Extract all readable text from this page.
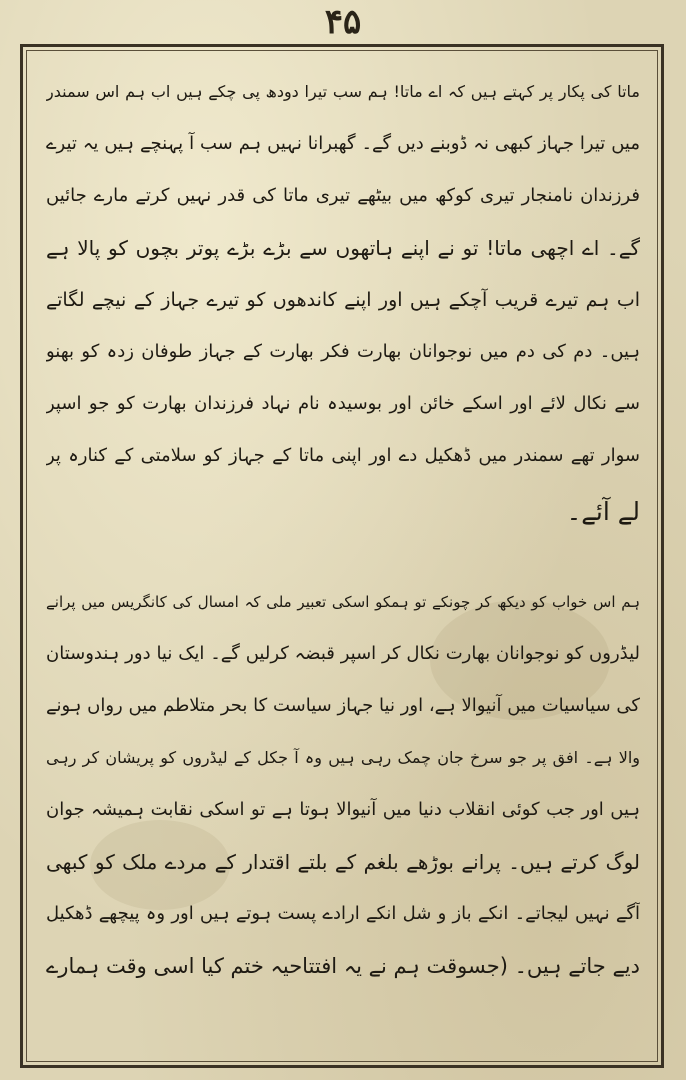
۴۵
ماتا کی پکار پر کہتے ہیں کہ اے ماتا! ہم سب تیرا دودھ پی چکے ہیں اب ہم اس سمندر
میں تیرا جہاز کبھی نہ ڈوبنے دیں گے۔ گھبرانا نہیں ہم سب آ پہنچے ہیں یہ تیرے
فرزندان نامنجار تیری کوکھ میں بیٹھے تیری ماتا کی قدر نہیں کرتے مارے جائیں
گے۔ اے اچھی ماتا! تو نے اپنے ہاتھوں سے بڑے بڑے پوتر بچوں کو پالا ہے
اب ہم تیرے قریب آچکے ہیں اور اپنے کاندھوں کو تیرے جہاز کے نیچے لگاتے
ہیں۔ دم کی دم میں نوجوانان بھارت فکر بھارت کے جہاز طوفان زدہ کو بھنو
سے نکال لائے اور اسکے خائن اور بوسیدہ نام نہاد فرزندان بھارت کو جو اسپر
سوار تھے سمندر میں ڈھکیل دے اور اپنی ماتا کے جہاز کو سلامتی کے کنارہ پر
لے آئے۔
ہم اس خواب کو دیکھ کر چونکے تو ہمکو اسکی تعبیر ملی کہ امسال کی کانگریس میں پرانے
لیڈروں کو نوجوانان بھارت نکال کر اسپر قبضہ کرلیں گے۔ ایک نیا دور ہندوستان
کی سیاسیات میں آنیوالا ہے، اور نیا جہاز سیاست کا بحر متلاطم میں رواں ہونے
والا ہے۔ افق پر جو سرخ جان چمک رہی ہیں وہ آ جکل کے لیڈروں کو پریشان کر رہی
ہیں اور جب کوئی انقلاب دنیا میں آنیوالا ہوتا ہے تو اسکی نقابت ہمیشہ جوان
لوگ کرتے ہیں۔ پرانے بوڑھے بلغم کے بلتے اقتدار کے مردے ملک کو کبھی
آگے نہیں لیجاتے۔ انکے باز و شل انکے ارادے پست ہوتے ہیں اور وہ پیچھے ڈھکیل
دیے جاتے ہیں۔ (جسوقت ہم نے یہ افتتاحیہ ختم کیا اسی وقت ہمارے
